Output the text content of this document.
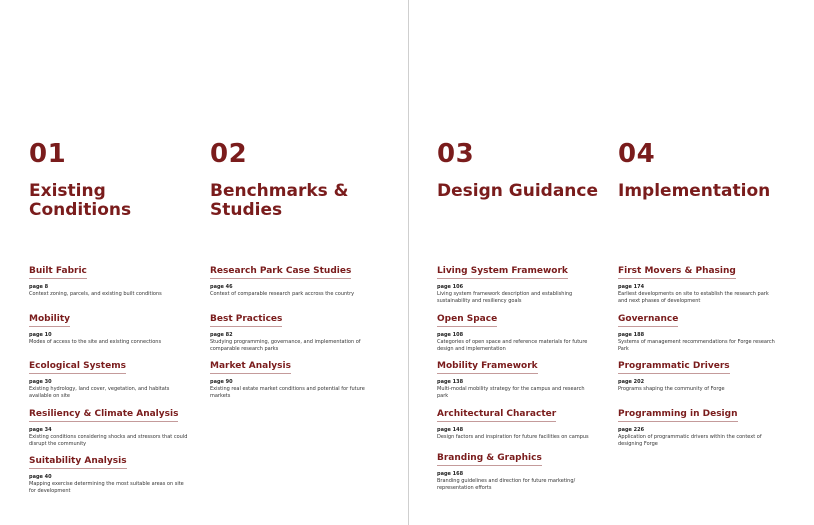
01
Existing
Conditions
Built Fabric
page 8
Context zoning, parcels, and existing built conditions
Mobility
page 10
Modes of access to the site and existing connections
Ecological Systems
page 30
Existing hydrology, land cover, vegetation, and habitats available on site
Resiliency & Climate Analysis
page 34
Existing conditions considering shocks and stressors that could disrupt the community
Suitability Analysis
page 40
Mapping exercise determining the most suitable areas on site for development
02
Benchmarks &
Studies
Research Park Case Studies
page 46
Context of comparable research park accross the country
Best Practices
page 82
Studying programming, governance, and implementation of comparable research parks
Market Analysis
page 90
Existing real estate market conditions and potential for future markets
03
Design Guidance
Living System Framework
page 106
Living system framework description and establishing sustainability and resiliency goals
Open Space
page 108
Categories of open space and reference materials for future design and implementation
Mobility Framework
page 138
Multi-modal mobility strategy for the campus and research park
Architectural Character
page 148
Design factors and inspiration for future facilities on campus
Branding & Graphics
page 168
Branding guidelines and direction for future marketing/ representation efforts
04
Implementation
First Movers & Phasing
page 174
Earliest developments on site to establish the research park and next phases of development
Governance
page 188
Systems of management recommendations for Forge research Park
Programmatic Drivers
page 202
Programs shaping the community of Forge
Programming in Design
page 226
Application of programmatic drivers within the context of designing Forge
